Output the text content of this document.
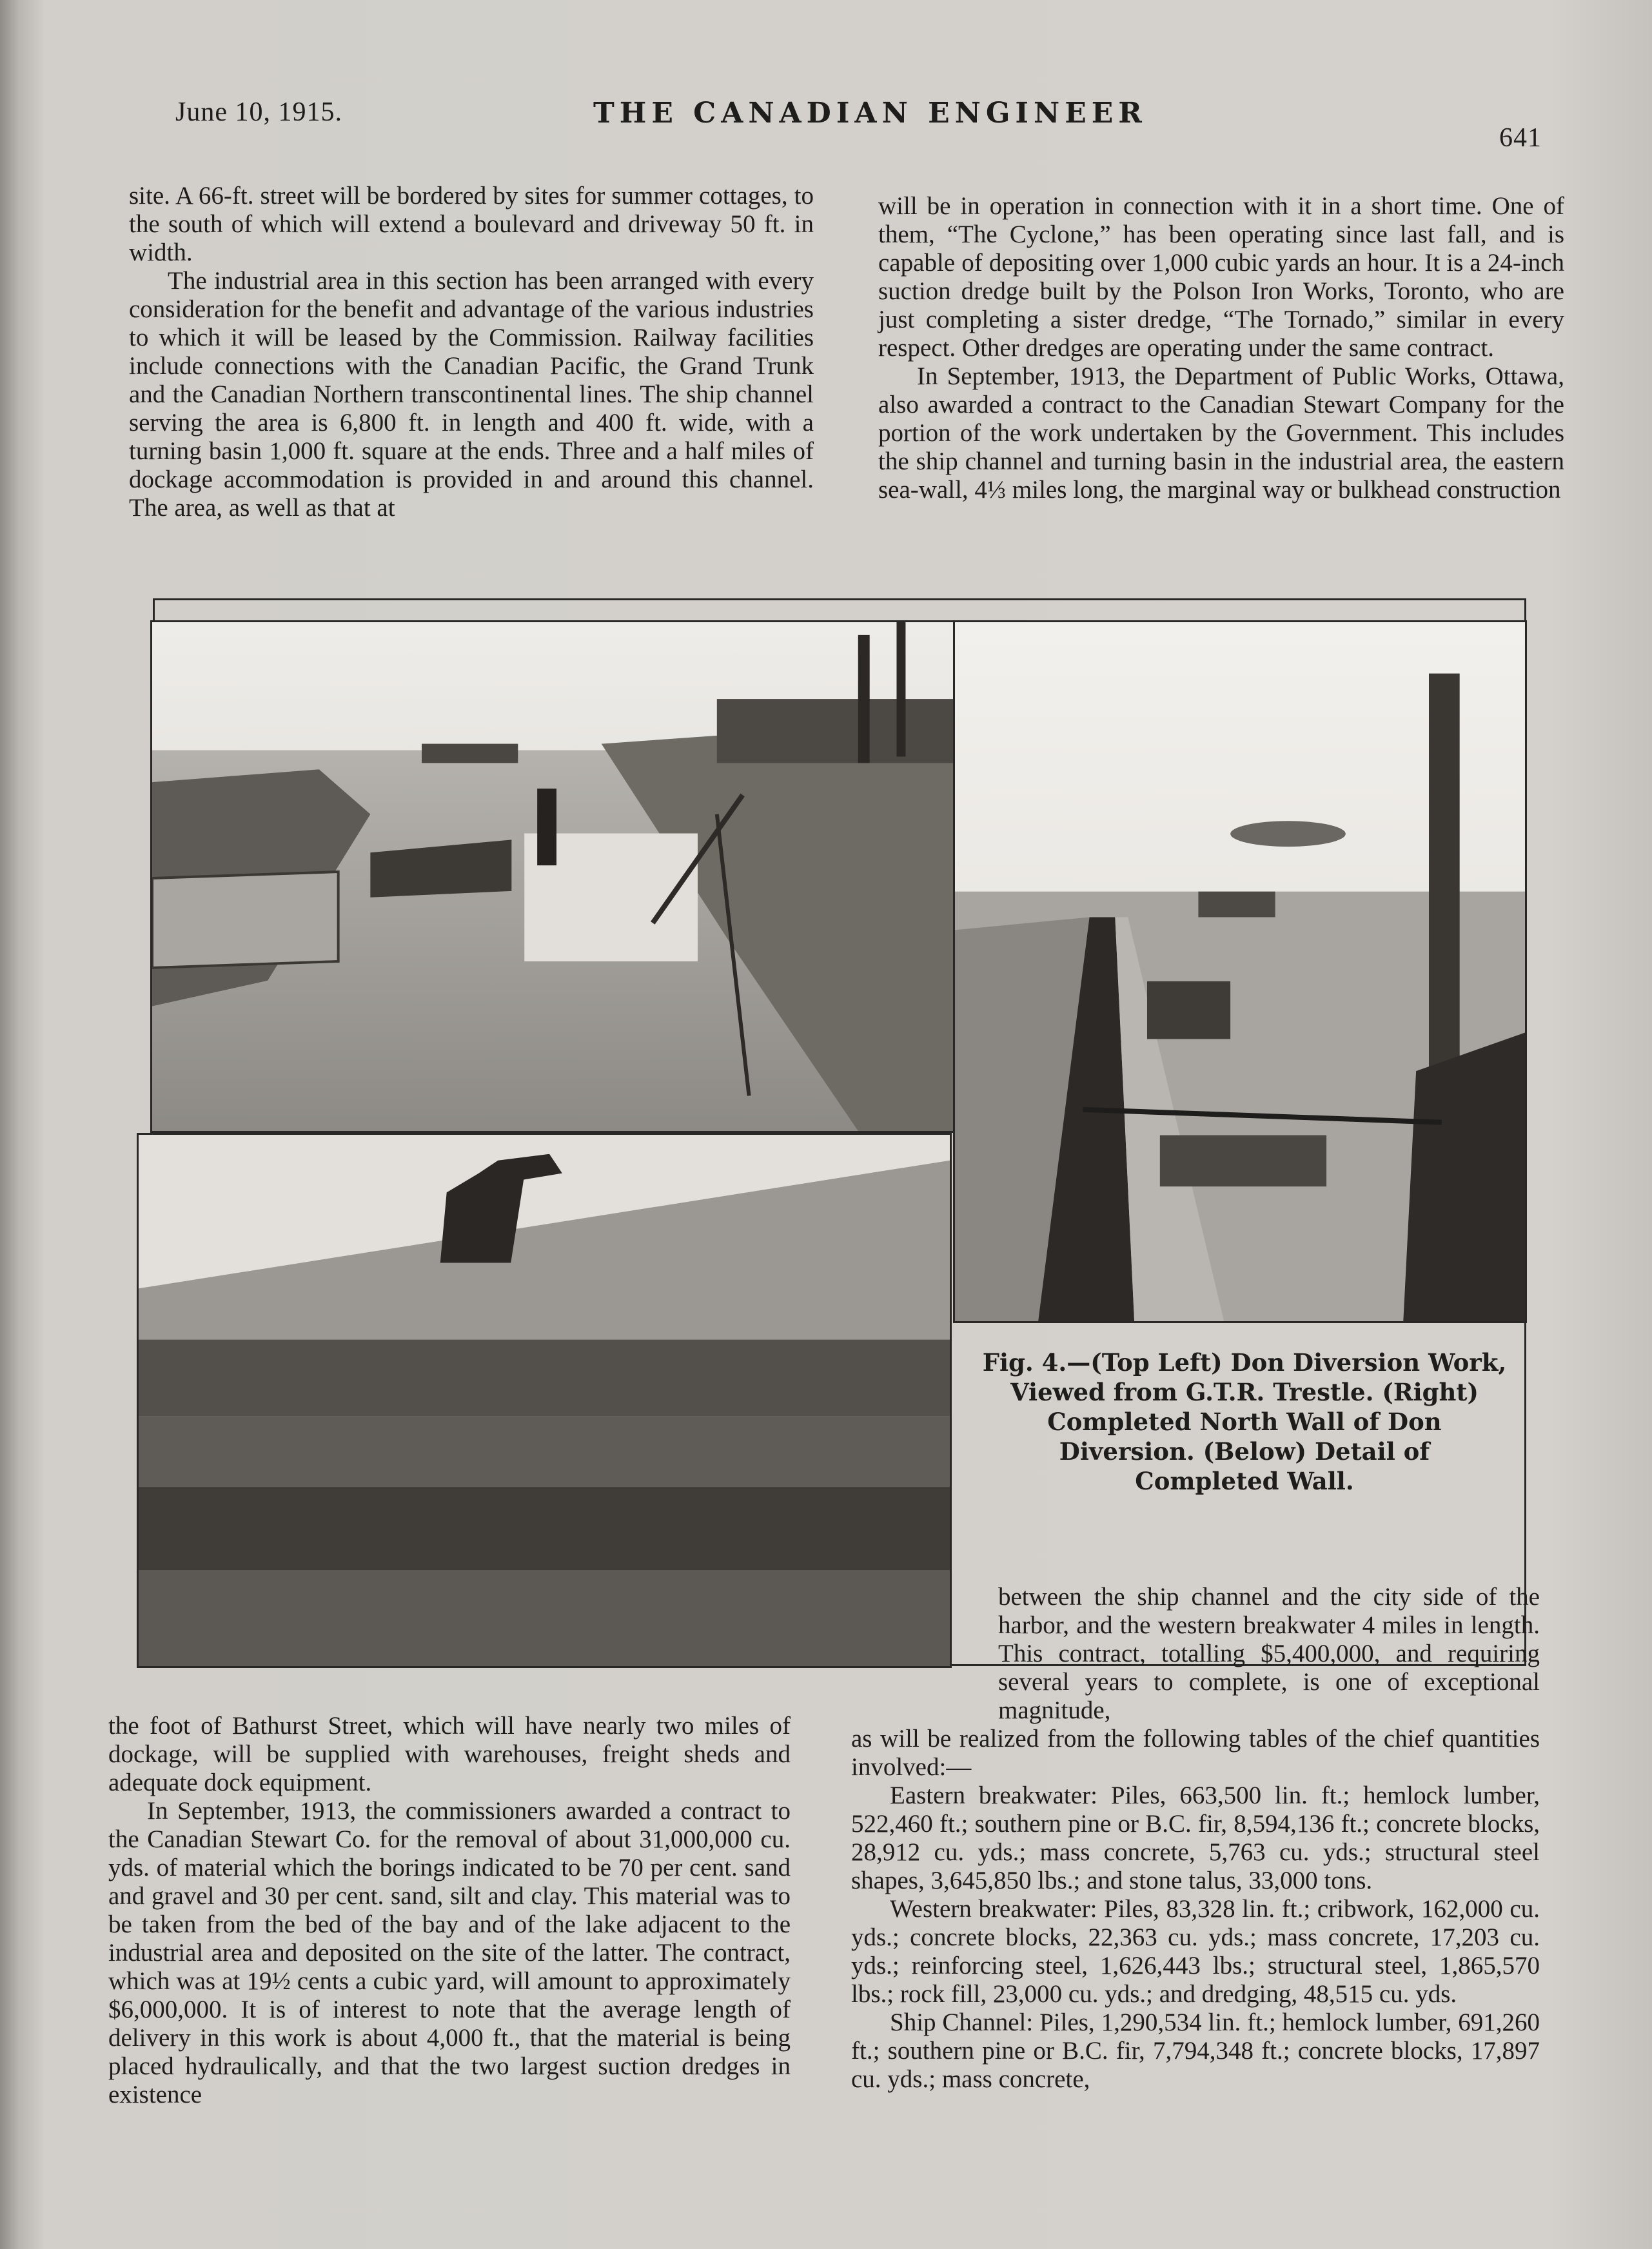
June 10, 1915.	THE CANADIAN ENGINEER
641

site. A 66-ft. street will be bordered by sites for summer cottages, to the south of which will extend a boulevard and driveway 50 ft. in width.

The industrial area in this section has been arranged with every consideration for the benefit and advantage of the various industries to which it will be leased by the Commission. Railway facilities include connections with the Canadian Pacific, the Grand Trunk and the Canadian Northern transcontinental lines. The ship channel serving the area is 6,800 ft. in length and 400 ft. wide, with a turning basin 1,000 ft. square at the ends. Three and a half miles of dockage accommodation is provided in and around this channel. The area, as well as that at

will be in operation in connection with it in a short time. One of them, “The Cyclone,” has been operating since last fall, and is capable of depositing over 1,000 cubic yards an hour. It is a 24-inch suction dredge built by the Polson Iron Works, Toronto, who are just completing a sister dredge, “The Tornado,” similar in every respect. Other dredges are operating under the same contract.

In September, 1913, the Department of Public Works, Ottawa, also awarded a contract to the Canadian Stewart Company for the portion of the work undertaken by the Government. This includes the ship channel and turning basin in the industrial area, the eastern sea-wall, 4⅓ miles long, the marginal way or bulkhead construction

Fig. 4.—(Top Left) Don Diversion Work,
Viewed from G.T.R. Trestle. (Right)
Completed North Wall of Don
Diversion. (Below) Detail of
Completed Wall.

between the ship channel and the city side of the harbor, and the western breakwater 4 miles in length. This contract, totalling $5,400,000, and requiring several years to complete, is one of exceptional magnitude,

the foot of Bathurst Street, which will have nearly two miles of dockage, will be supplied with warehouses, freight sheds and adequate dock equipment.

In September, 1913, the commissioners awarded a contract to the Canadian Stewart Co. for the removal of about 31,000,000 cu. yds. of material which the borings indicated to be 70 per cent. sand and gravel and 30 per cent. sand, silt and clay. This material was to be taken from the bed of the bay and of the lake adjacent to the industrial area and deposited on the site of the latter. The contract, which was at 19½ cents a cubic yard, will amount to approximately $6,000,000. It is of interest to note that the average length of delivery in this work is about 4,000 ft., that the material is being placed hydraulically, and that the two largest suction dredges in existence

as will be realized from the following tables of the chief quantities involved:—

Eastern breakwater: Piles, 663,500 lin. ft.; hemlock lumber, 522,460 ft.; southern pine or B.C. fir, 8,594,136 ft.; concrete blocks, 28,912 cu. yds.; mass concrete, 5,763 cu. yds.; structural steel shapes, 3,645,850 lbs.; and stone talus, 33,000 tons.

Western breakwater: Piles, 83,328 lin. ft.; cribwork, 162,000 cu. yds.; concrete blocks, 22,363 cu. yds.; mass concrete, 17,203 cu. yds.; reinforcing steel, 1,626,443 lbs.; structural steel, 1,865,570 lbs.; rock fill, 23,000 cu. yds.; and dredging, 48,515 cu. yds.

Ship Channel: Piles, 1,290,534 lin. ft.; hemlock lumber, 691,260 ft.; southern pine or B.C. fir, 7,794,348 ft.; concrete blocks, 17,897 cu. yds.; mass concrete,
